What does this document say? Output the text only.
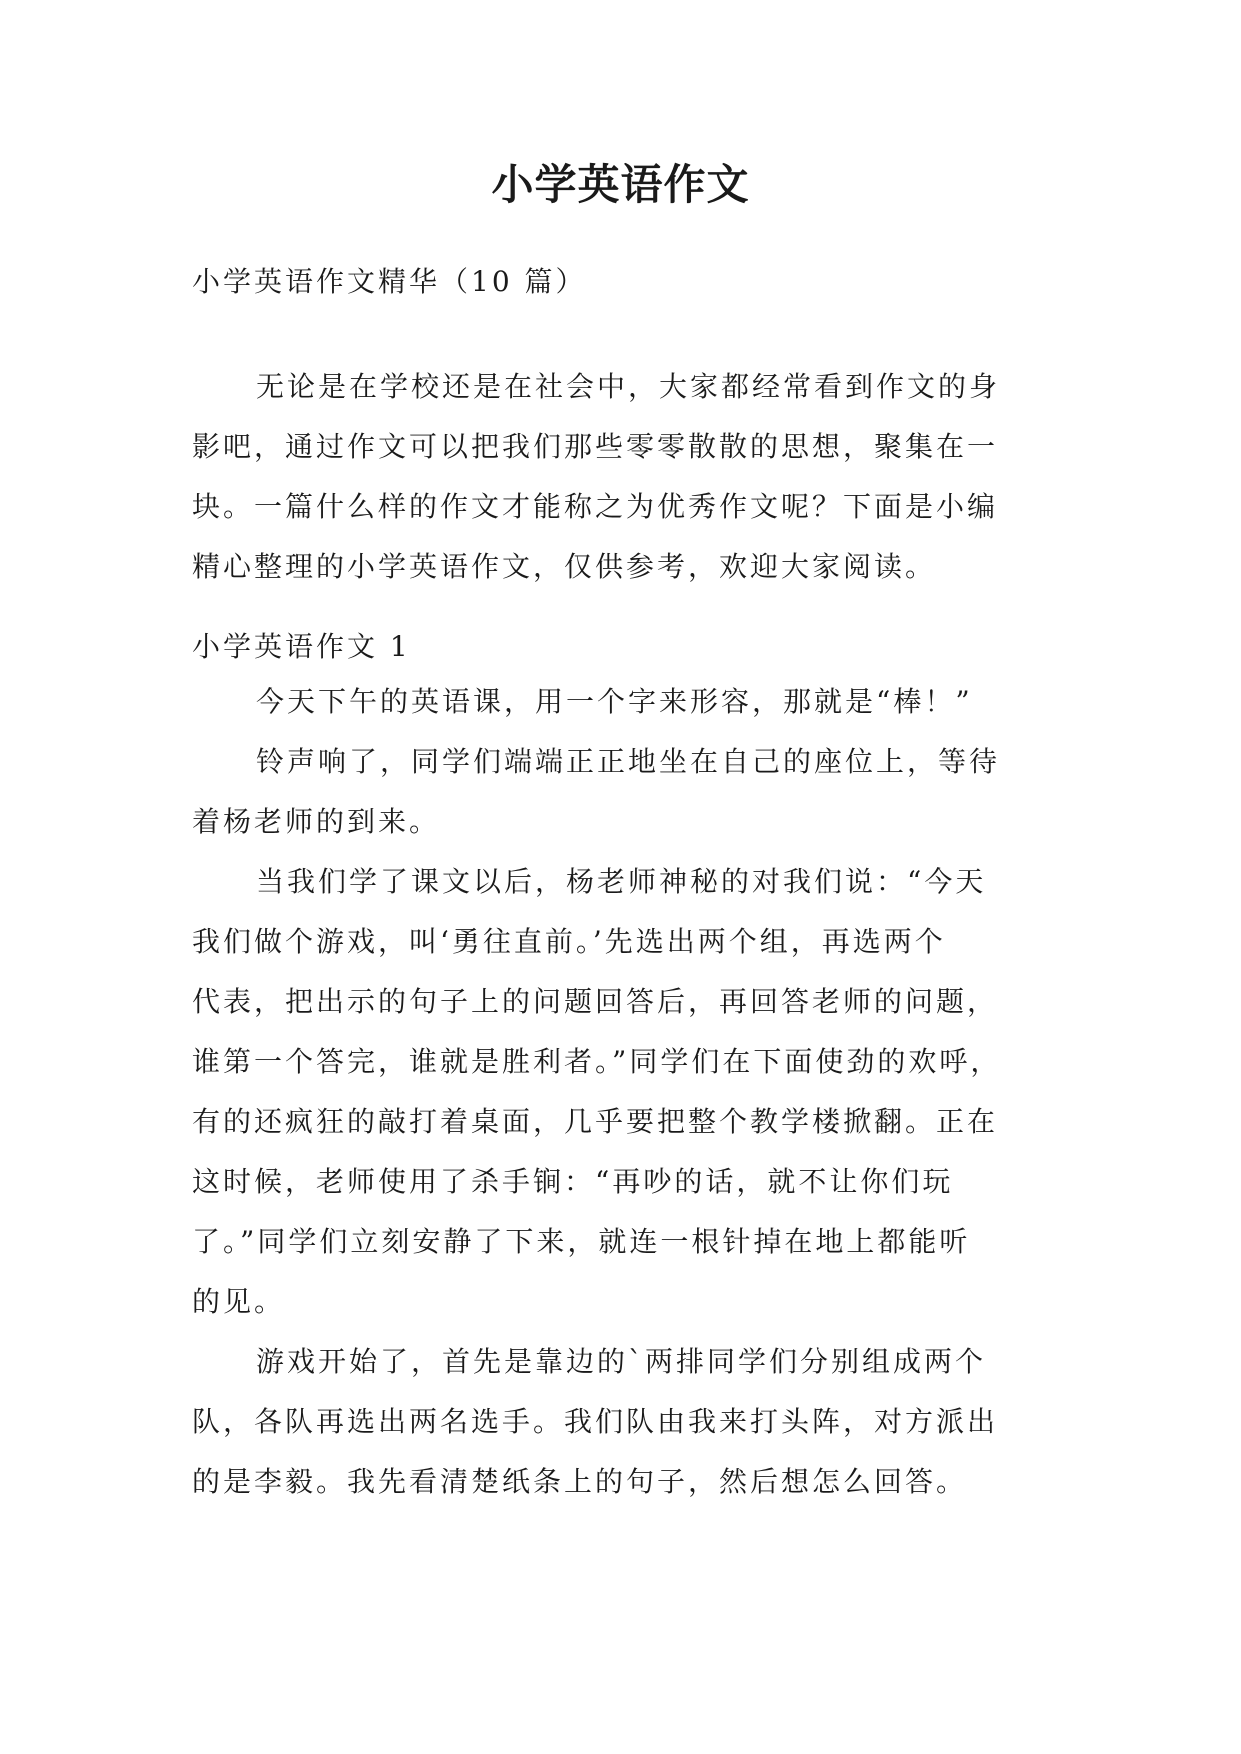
小学英语作文
小学英语作文精华（10 篇）
无论是在学校还是在社会中，大家都经常看到作文的身
影吧，通过作文可以把我们那些零零散散的思想，聚集在一
块。一篇什么样的作文才能称之为优秀作文呢？下面是小编
精心整理的小学英语作文，仅供参考，欢迎大家阅读。
小学英语作文 1
今天下午的英语课，用一个字来形容，那就是“棒！”
铃声响了，同学们端端正正地坐在自己的座位上，等待
着杨老师的到来。
当我们学了课文以后，杨老师神秘的对我们说：“今天
我们做个游戏，叫‘勇往直前。’先选出两个组，再选两个
代表，把出示的句子上的问题回答后，再回答老师的问题，
谁第一个答完，谁就是胜利者。”同学们在下面使劲的欢呼，
有的还疯狂的敲打着桌面，几乎要把整个教学楼掀翻。正在
这时候，老师使用了杀手锏：“再吵的话，就不让你们玩
了。”同学们立刻安静了下来，就连一根针掉在地上都能听
的见。
游戏开始了，首先是靠边的`两排同学们分别组成两个
队，各队再选出两名选手。我们队由我来打头阵，对方派出
的是李毅。我先看清楚纸条上的句子，然后想怎么回答。
